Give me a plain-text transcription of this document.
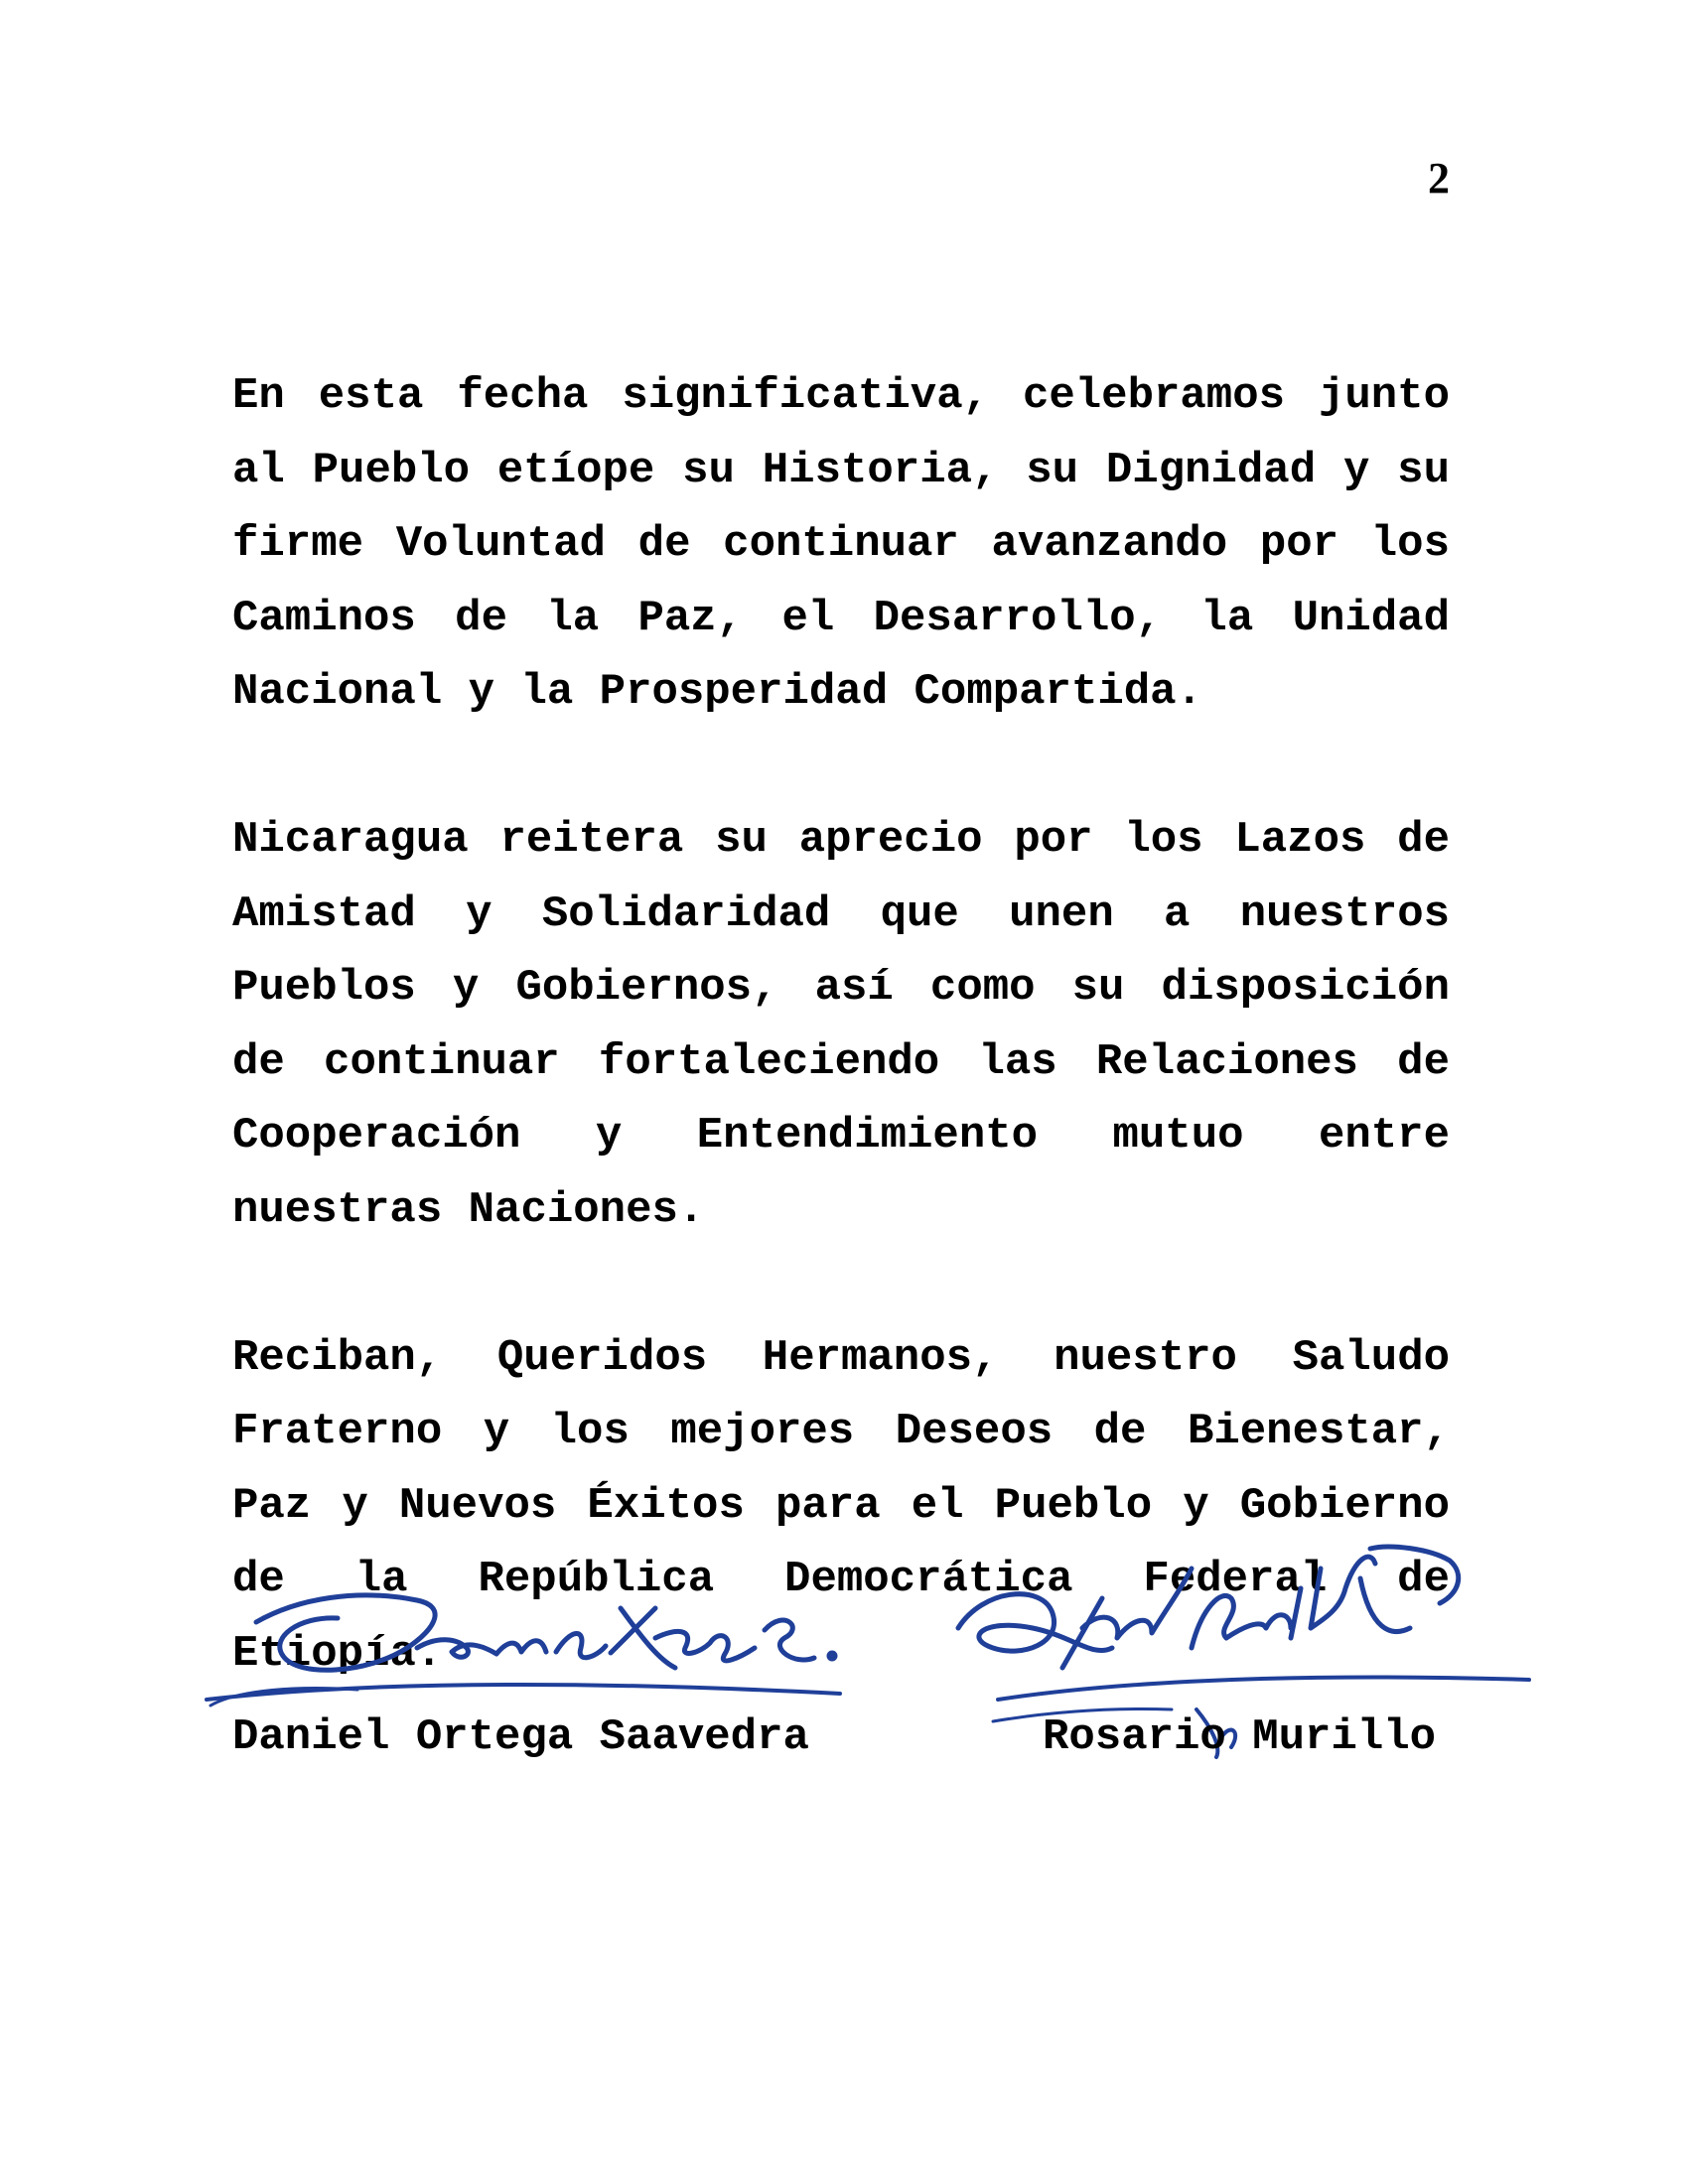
2

En esta fecha significativa, celebramos junto al Pueblo etíope su Historia, su Dignidad y su firme Voluntad de continuar avanzando por los Caminos de la Paz, el Desarrollo, la Unidad Nacional y la Prosperidad Compartida.

Nicaragua reitera su aprecio por los Lazos de Amistad y Solidaridad que unen a nuestros Pueblos y Gobiernos, así como su disposición de continuar fortaleciendo las Relaciones de Cooperación y Entendimiento mutuo entre nuestras Naciones.

Reciban, Queridos Hermanos, nuestro Saludo Fraterno y los mejores Deseos de Bienestar, Paz y Nuevos Éxitos para el Pueblo y Gobierno de la República Democrática Federal de Etiopía.

Daniel Ortega Saavedra	Rosario Murillo
